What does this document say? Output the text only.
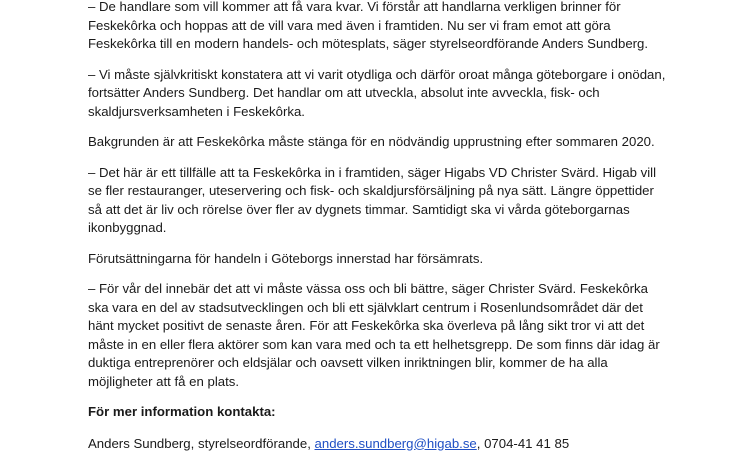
– De handlare som vill kommer att få vara kvar. Vi förstår att handlarna verkligen brinner för Feskekôrka och hoppas att de vill vara med även i framtiden. Nu ser vi fram emot att göra Feskekôrka till en modern handels- och mötesplats, säger styrelseordförande Anders Sundberg.

– Vi måste självkritiskt konstatera att vi varit otydliga och därför oroat många göteborgare i onödan, fortsätter Anders Sundberg. Det handlar om att utveckla, absolut inte avveckla, fisk- och skaldjursverksamheten i Feskekôrka.

Bakgrunden är att Feskekôrka måste stänga för en nödvändig upprustning efter sommaren 2020.

– Det här är ett tillfälle att ta Feskekôrka in i framtiden, säger Higabs VD Christer Svärd. Higab vill se fler restauranger, uteservering och fisk- och skaldjursförsäljning på nya sätt. Längre öppettider så att det är liv och rörelse över fler av dygnets timmar. Samtidigt ska vi vårda göteborgarnas ikonbyggnad.

Förutsättningarna för handeln i Göteborgs innerstad har försämrats.

– För vår del innebär det att vi måste vässa oss och bli bättre, säger Christer Svärd. Feskekôrka ska vara en del av stadsutvecklingen och bli ett självklart centrum i Rosenlundsområdet där det hänt mycket positivt de senaste åren. För att Feskekôrka ska överleva på lång sikt tror vi att det måste in en eller flera aktörer som kan vara med och ta ett helhetsgrepp. De som finns där idag är duktiga entreprenörer och eldsjälar och oavsett vilken inriktningen blir, kommer de ha alla möjligheter att få en plats.

För mer information kontakta:

Anders Sundberg, styrelseordförande, anders.sundberg@higab.se, 0704-41 41 85
